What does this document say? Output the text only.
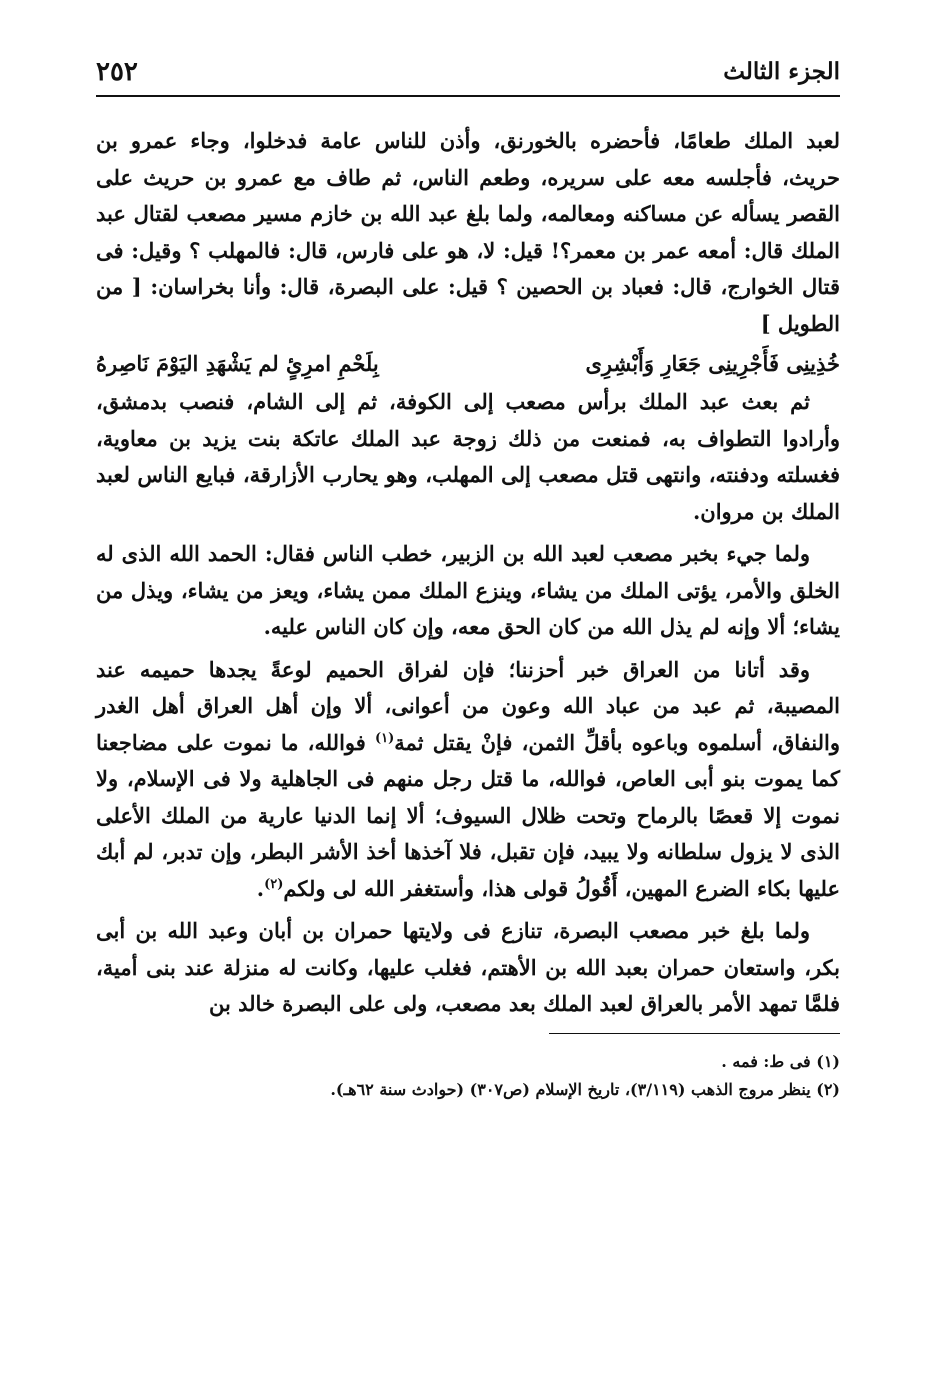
الجزء الثالث
٢٥٢

لعبد الملك طعامًا، فأحضره بالخورنق، وأذن للناس عامة فدخلوا، وجاء عمرو بن حريث، فأجلسه معه على سريره، وطعم الناس، ثم طاف مع عمرو بن حريث على القصر يسأله عن مساكنه ومعالمه، ولما بلغ عبد الله بن خازم مسير مصعب لقتال عبد الملك قال: أمعه عمر بن معمر؟! قيل: لا، هو على فارس، قال: فالمهلب ؟ وقيل: فى قتال الخوارج، قال: فعباد بن الحصين ؟ قيل: على البصرة، قال: وأنا بخراسان: [ من الطويل ]

خُذِينِى فَأَجْرِينِى جَعَارِ وَأَبْشِرِى
بِلَحْمِ امرِئٍ لم يَشْهَدِ اليَوْمَ نَاصِرهُ

ثم بعث عبد الملك برأس مصعب إلى الكوفة، ثم إلى الشام، فنصب بدمشق، وأرادوا التطواف به، فمنعت من ذلك زوجة عبد الملك عاتكة بنت يزيد بن معاوية، فغسلته ودفنته، وانتهى قتل مصعب إلى المهلب، وهو يحارب الأزارقة، فبايع الناس لعبد الملك بن مروان.

ولما جيء بخبر مصعب لعبد الله بن الزبير، خطب الناس فقال: الحمد الله الذى له الخلق والأمر، يؤتى الملك من يشاء، وينزع الملك ممن يشاء، ويعز من يشاء، ويذل من يشاء؛ ألا وإنه لم يذل الله من كان الحق معه، وإن كان الناس عليه.

وقد أتانا من العراق خبر أحزننا؛ فإن لفراق الحميم لوعةً يجدها حميمه عند المصيبة، ثم عبد من عباد الله وعون من أعوانى، ألا وإن أهل العراق أهل الغدر والنفاق، أسلموه وباعوه بأقلِّ الثمن، فإنْ يقتل ثمة$^{(١)}$ فوالله، ما نموت على مضاجعنا كما يموت بنو أبى العاص، فوالله، ما قتل رجل منهم فى الجاهلية ولا فى الإسلام، ولا نموت إلا قعصًا بالرماح وتحت ظلال السيوف؛ ألا إنما الدنيا عارية من الملك الأعلى الذى لا يزول سلطانه ولا يبيد، فإن تقبل، فلا آخذها أخذ الأشر البطر، وإن تدبر، لم أبك عليها بكاء الضرع المهين، أَقُولُ قولى هذا، وأستغفر الله لى ولكم$^{(٢)}$.

ولما بلغ خبر مصعب البصرة، تنازع فى ولايتها حمران بن أبان وعبد الله بن أبى بكر، واستعان حمران بعبد الله بن الأهتم، فغلب عليها، وكانت له منزلة عند بنى أمية، فلمَّا تمهد الأمر بالعراق لعبد الملك بعد مصعب، ولى على البصرة خالد بن

(١) فى ط: فمه .

(٢) ينظر مروج الذهب (٣/١١٩)، تاريخ الإسلام (ص٣٠٧) (حوادث سنة ٦٢هـ).
